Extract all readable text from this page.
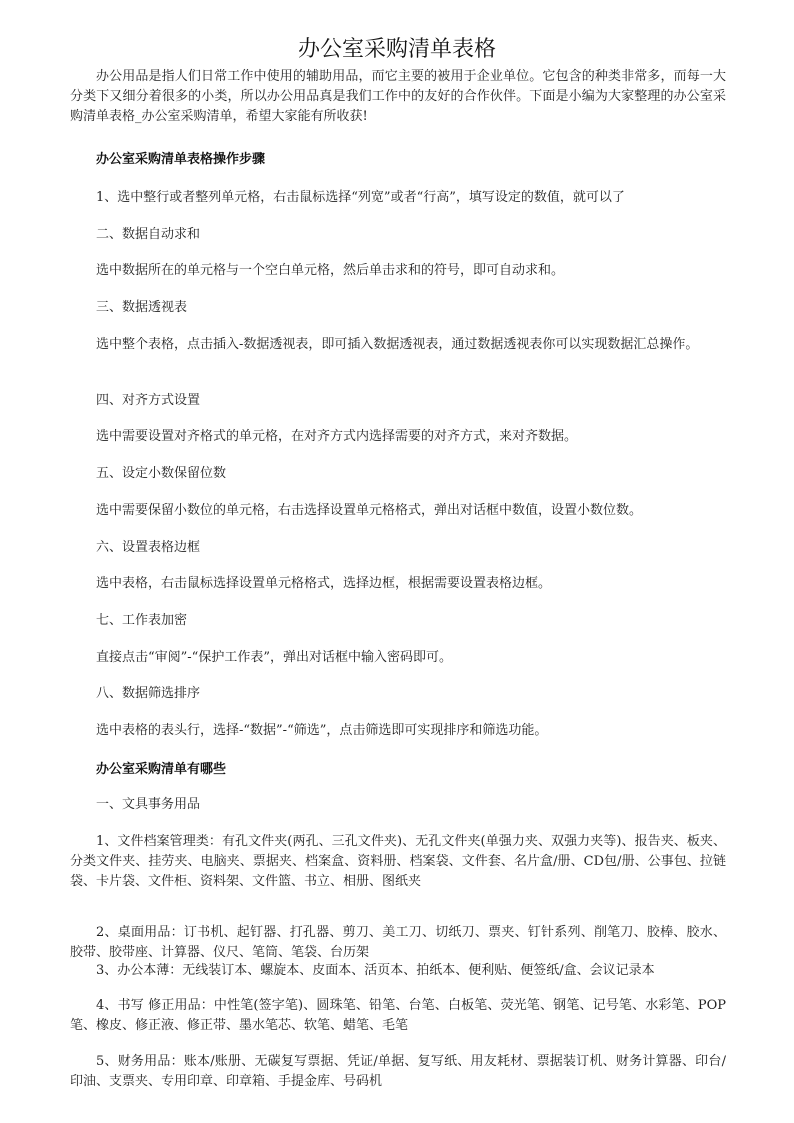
办公室采购清单表格

办公用品是指人们日常工作中使用的辅助用品，而它主要的被用于企业单位。它包含的种类非常多，而每一大分类下又细分着很多的小类，所以办公用品真是我们工作中的友好的合作伙伴。下面是小编为大家整理的办公室采购清单表格_办公室采购清单，希望大家能有所收获!

办公室采购清单表格操作步骤

1、选中整行或者整列单元格，右击鼠标选择“列宽”或者“行高”，填写设定的数值，就可以了

二、数据自动求和

选中数据所在的单元格与一个空白单元格，然后单击求和的符号，即可自动求和。

三、数据透视表

选中整个表格，点击插入-数据透视表，即可插入数据透视表，通过数据透视表你可以实现数据汇总操作。

四、对齐方式设置

选中需要设置对齐格式的单元格，在对齐方式内选择需要的对齐方式，来对齐数据。

五、设定小数保留位数

选中需要保留小数位的单元格，右击选择设置单元格格式，弹出对话框中数值，设置小数位数。

六、设置表格边框

选中表格，右击鼠标选择设置单元格格式，选择边框，根据需要设置表格边框。

七、工作表加密

直接点击“审阅”-“保护工作表”，弹出对话框中输入密码即可。

八、数据筛选排序

选中表格的表头行，选择-“数据”-“筛选”，点击筛选即可实现排序和筛选功能。

办公室采购清单有哪些

一、文具事务用品

1、文件档案管理类：有孔文件夹(两孔、三孔文件夹)、无孔文件夹(单强力夹、双强力夹等)、报告夹、板夹、分类文件夹、挂劳夹、电脑夹、票据夹、档案盒、资料册、档案袋、文件套、名片盒/册、CD包/册、公事包、拉链袋、卡片袋、文件柜、资料架、文件篮、书立、相册、图纸夹

2、桌面用品：订书机、起钉器、打孔器、剪刀、美工刀、切纸刀、票夹、钉针系列、削笔刀、胶棒、胶水、胶带、胶带座、计算器、仪尺、笔筒、笔袋、台历架

3、办公本薄：无线装订本、螺旋本、皮面本、活页本、拍纸本、便利贴、便签纸/盒、会议记录本

4、书写 修正用品：中性笔(签字笔)、圆珠笔、铅笔、台笔、白板笔、荧光笔、钢笔、记号笔、水彩笔、POP笔、橡皮、修正液、修正带、墨水笔芯、软笔、蜡笔、毛笔

5、财务用品：账本/账册、无碳复写票据、凭证/单据、复写纸、用友耗材、票据装订机、财务计算器、印台/印油、支票夹、专用印章、印章箱、手提金库、号码机
